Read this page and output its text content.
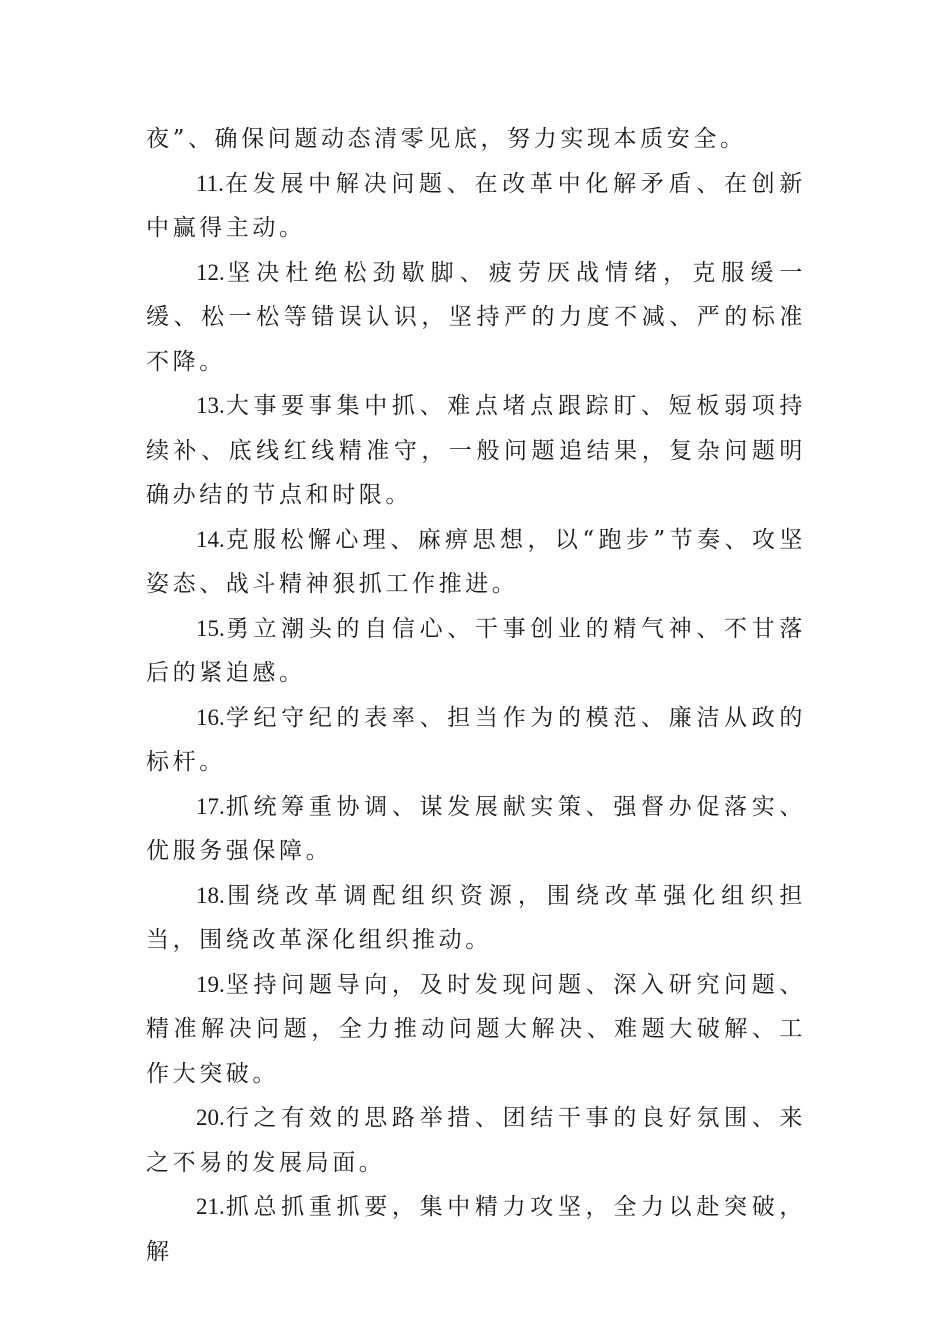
夜”、确保问题动态清零见底，努力实现本质安全。

11.在发展中解决问题、在改革中化解矛盾、在创新中赢得主动。

12.坚决杜绝松劲歇脚、疲劳厌战情绪，克服缓一缓、松一松等错误认识，坚持严的力度不减、严的标准不降。

13.大事要事集中抓、难点堵点跟踪盯、短板弱项持续补、底线红线精准守，一般问题追结果，复杂问题明确办结的节点和时限。

14.克服松懈心理、麻痹思想，以“跑步”节奏、攻坚姿态、战斗精神狠抓工作推进。

15.勇立潮头的自信心、干事创业的精气神、不甘落后的紧迫感。

16.学纪守纪的表率、担当作为的模范、廉洁从政的标杆。

17.抓统筹重协调、谋发展献实策、强督办促落实、优服务强保障。

18.围绕改革调配组织资源，围绕改革强化组织担当，围绕改革深化组织推动。

19.坚持问题导向，及时发现问题、深入研究问题、精准解决问题，全力推动问题大解决、难题大破解、工作大突破。

20.行之有效的思路举措、团结干事的良好氛围、来之不易的发展局面。

21.抓总抓重抓要，集中精力攻坚，全力以赴突破，解
